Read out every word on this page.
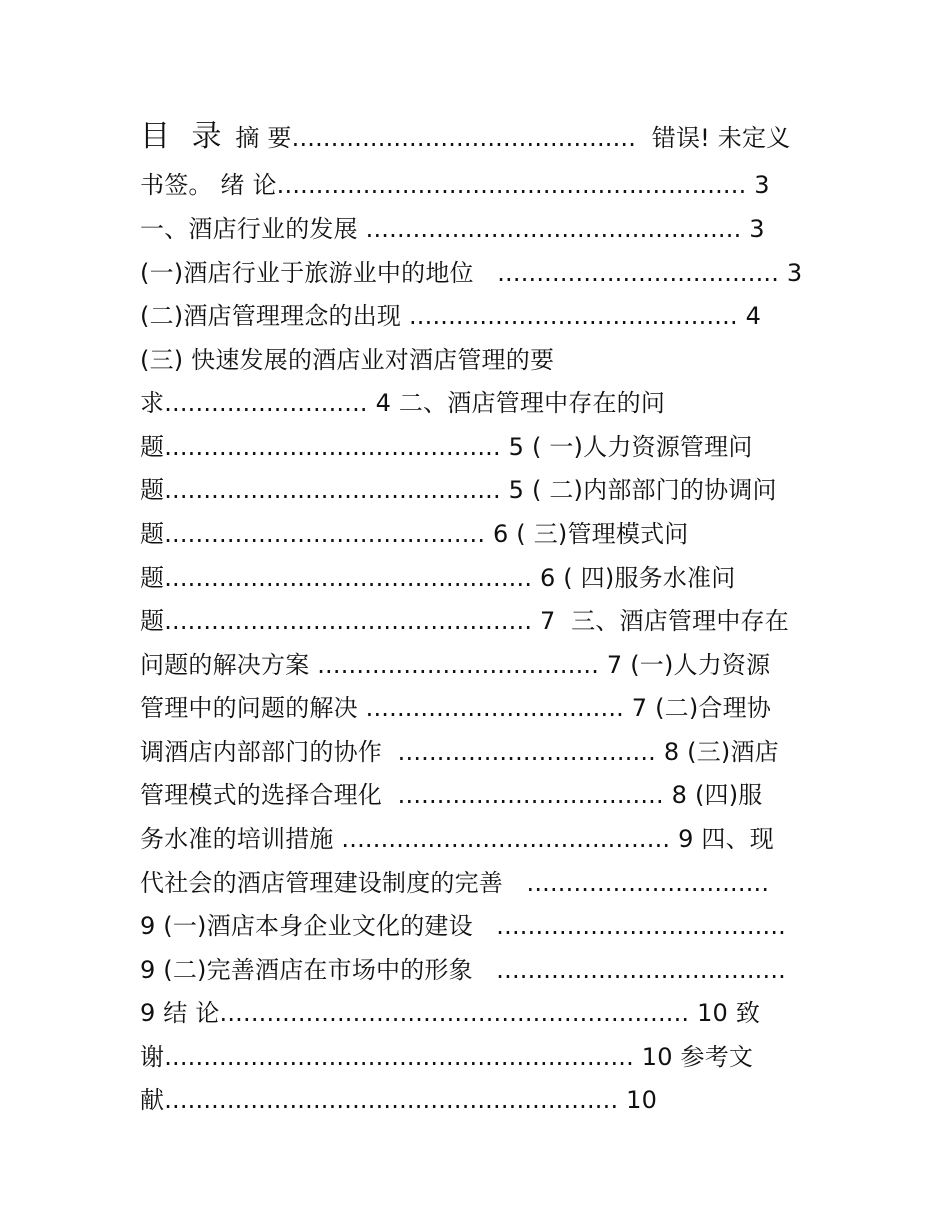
目 录 摘 要............................................  错误! 未定义
书签。 绪 论............................................................ 3
一、酒店行业的发展 ................................................ 3
(一)酒店行业于旅游业中的地位   .................................... 3
(二)酒店管理理念的出现 .......................................... 4
(三) 快速发展的酒店业对酒店管理的要
求.......................... 4 二、酒店管理中存在的问
题........................................... 5 ( 一)人力资源管理问
题........................................... 5 ( 二)内部部门的协调问
题......................................... 6 ( 三)管理模式问
题............................................... 6 ( 四)服务水准问
题............................................... 7  三、酒店管理中存在
问题的解决方案 .................................... 7 (一)人力资源
管理中的问题的解决 ................................. 7 (二)合理协
调酒店内部部门的协作  ................................. 8 (三)酒店
管理模式的选择合理化  .................................. 8 (四)服
务水准的培训措施 .......................................... 9 四、现
代社会的酒店管理建设制度的完善   ...............................
9 (一)酒店本身企业文化的建设   .....................................
9 (二)完善酒店在市场中的形象   .....................................
9 结 论............................................................ 10 致
谢............................................................ 10 参考文
献.......................................................... 10
